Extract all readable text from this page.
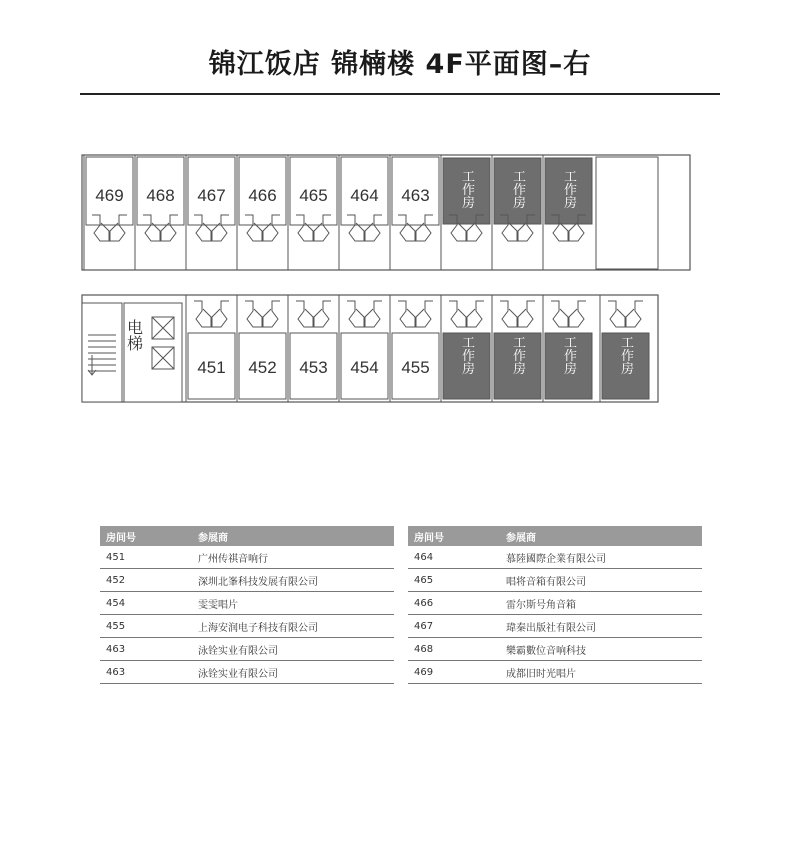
锦江饭店 锦楠楼 4F平面图–右
469 468 467 466 465 464 463 工作房	工作房	工作房
电梯
451 452 453 454 455 工作房	工作房	工作房	工作房
房间号	参展商
451	广州传祺音响行
452	深圳北峯科技发展有限公司
454	雯雯唱片
455	上海安润电子科技有限公司
463	泳铨实业有限公司
463	泳铨实业有限公司
房间号	参展商
464	慕陸國際企業有限公司
465	唱将音箱有限公司
466	雷尔斯号角音箱
467	瑋秦出版社有限公司
468	樂霸數位音响科技
469	成都旧时光唱片
